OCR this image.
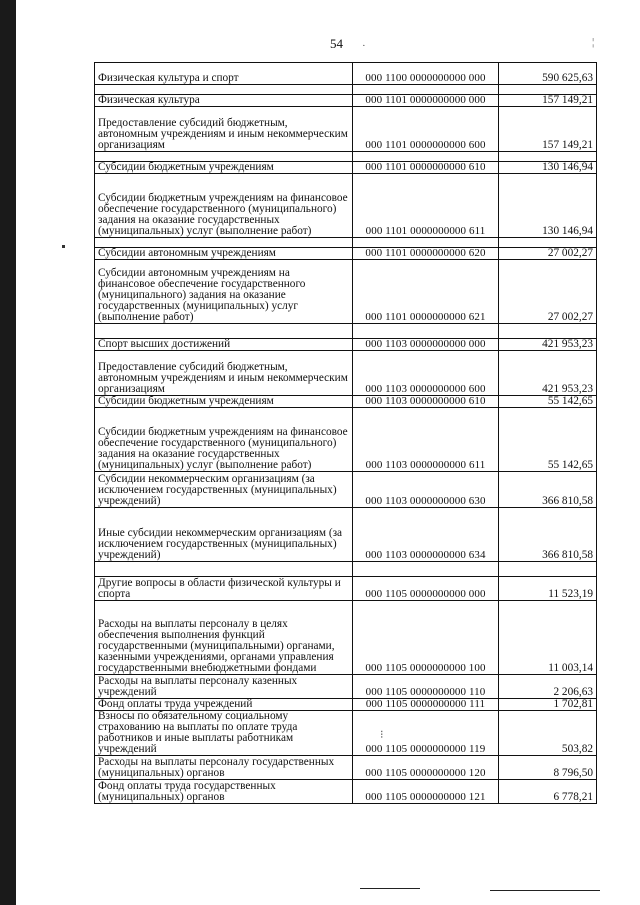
·	¦
⁝
54
Физическая культура и спорт	000 1100 0000000000 000	590 625,63

Физическая культура	000 1101 0000000000 000	157 149,21
Предоставление субсидий бюджетным, автономным учреждениям и иным некоммерческим организациям	000 1101 0000000000 600	157 149,21

Субсидии бюджетным учреждениям	000 1101 0000000000 610	130 146,94
Субсидии бюджетным учреждениям на финансовое обеспечение государственного (муниципального) задания на оказание государственных (муниципальных) услуг (выполнение работ)	000 1101 0000000000 611	130 146,94

Субсидии автономным учреждениям	000 1101 0000000000 620	27 002,27
Субсидии автономным учреждениям на финансовое обеспечение государственного (муниципального) задания на оказание государственных (муниципальных) услуг (выполнение работ)	000 1101 0000000000 621	27 002,27

Спорт высших достижений	000 1103 0000000000 000	421 953,23
Предоставление субсидий бюджетным, автономным учреждениям и иным некоммерческим организациям	000 1103 0000000000 600	421 953,23
Субсидии бюджетным учреждениям	000 1103 0000000000 610	55 142,65
Субсидии бюджетным учреждениям на финансовое обеспечение государственного (муниципального) задания на оказание государственных (муниципальных) услуг (выполнение работ)	000 1103 0000000000 611	55 142,65
Субсидии некоммерческим организациям (за исключением государственных (муниципальных) учреждений)	000 1103 0000000000 630	366 810,58
Иные субсидии некоммерческим организациям (за исключением государственных (муниципальных) учреждений)	000 1103 0000000000 634	366 810,58

Другие вопросы в области физической культуры и спорта	000 1105 0000000000 000	11 523,19
Расходы на выплаты персоналу в целях обеспечения выполнения функций государственными (муниципальными) органами, казенными учреждениями, органами управления государственными внебюджетными фондами	000 1105 0000000000 100	11 003,14
Расходы на выплаты персоналу казенных учреждений	000 1105 0000000000 110	2 206,63
Фонд оплаты труда учреждений	000 1105 0000000000 111	1 702,81
Взносы по обязательному социальному страхованию на выплаты по оплате труда работников и иные выплаты работникам учреждений	000 1105 0000000000 119	503,82
Расходы на выплаты персоналу государственных (муниципальных) органов	000 1105 0000000000 120	8 796,50
Фонд оплаты труда государственных (муниципальных) органов	000 1105 0000000000 121	6 778,21
